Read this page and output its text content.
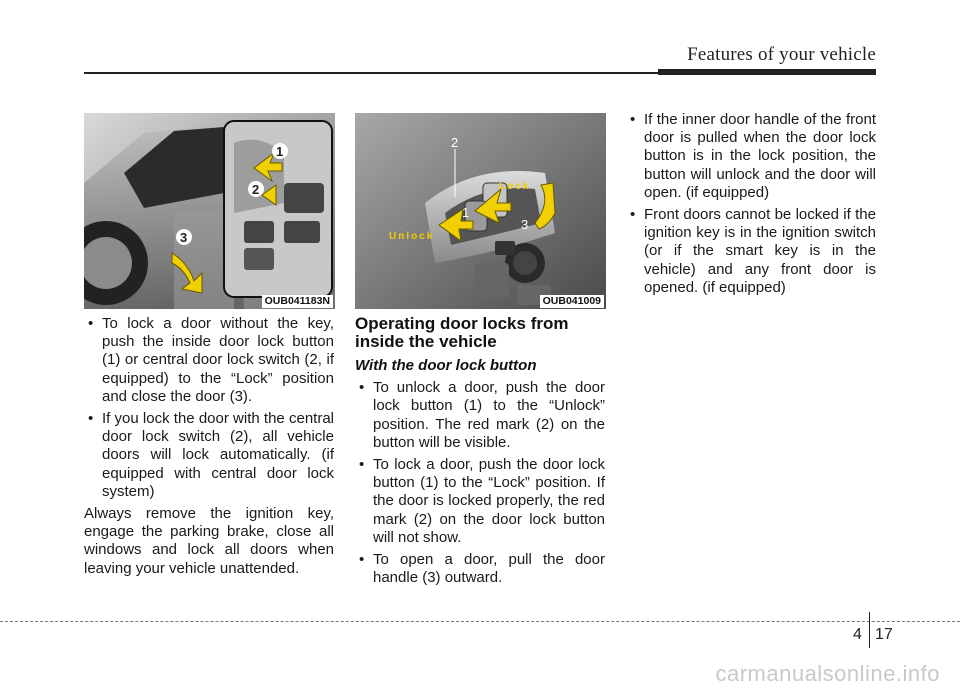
Features of your vehicle
1
2
3
OUB041183N
2
1
3
Lock
Unlock
OUB041009
• To lock a door without the key, push the inside door lock button (1) or central door lock switch (2, if equipped) to the “Lock” position and close the door (3).
• If you lock the door with the central door lock switch (2), all vehicle doors will lock automatically. (if equipped with central door lock system)
Always remove the ignition key, engage the parking brake, close all windows and lock all doors when leaving your vehicle unattended.
Operating door locks from inside the vehicle
With the door lock button
• To unlock a door, push the door lock button (1) to the “Unlock” position. The red mark (2) on the button will be visible.
• To lock a door, push the door lock button (1) to the “Lock” position. If the door is locked properly, the red mark (2) on the door lock button will not show.
• To open a door, pull the door handle (3) outward.
• If the inner door handle of the front door is pulled when the door lock button is in the lock position, the button will unlock and the door will open. (if equipped)
• Front doors cannot be locked if the ignition key is in the ignition switch (or if the smart key is in the vehicle) and any front door is opened. (if equipped)
4 17
carmanualsonline.info
